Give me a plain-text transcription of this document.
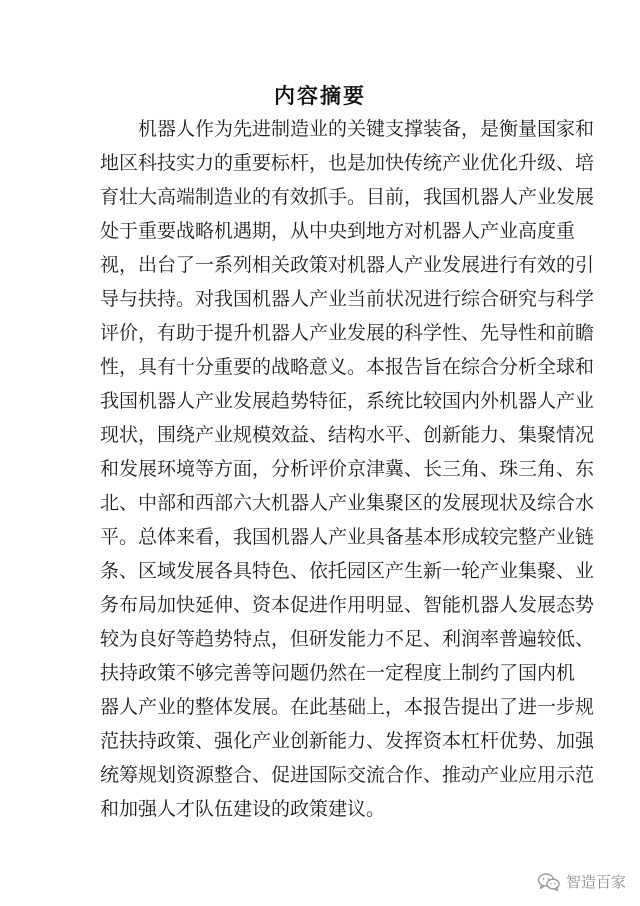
内容摘要
机器人作为先进制造业的关键支撑装备，是衡量国家和
地区科技实力的重要标杆，也是加快传统产业优化升级、培
育壮大高端制造业的有效抓手。目前，我国机器人产业发展
处于重要战略机遇期，从中央到地方对机器人产业高度重
视，出台了一系列相关政策对机器人产业发展进行有效的引
导与扶持。对我国机器人产业当前状况进行综合研究与科学
评价，有助于提升机器人产业发展的科学性、先导性和前瞻
性，具有十分重要的战略意义。本报告旨在综合分析全球和
我国机器人产业发展趋势特征，系统比较国内外机器人产业
现状，围绕产业规模效益、结构水平、创新能力、集聚情况
和发展环境等方面，分析评价京津冀、长三角、珠三角、东
北、中部和西部六大机器人产业集聚区的发展现状及综合水
平。总体来看，我国机器人产业具备基本形成较完整产业链
条、区域发展各具特色、依托园区产生新一轮产业集聚、业
务布局加快延伸、资本促进作用明显、智能机器人发展态势
较为良好等趋势特点，但研发能力不足、利润率普遍较低、
扶持政策不够完善等问题仍然在一定程度上制约了国内机
器人产业的整体发展。在此基础上，本报告提出了进一步规
范扶持政策、强化产业创新能力、发挥资本杠杆优势、加强
统筹规划资源整合、促进国际交流合作、推动产业应用示范
和加强人才队伍建设的政策建议。
智造百家
